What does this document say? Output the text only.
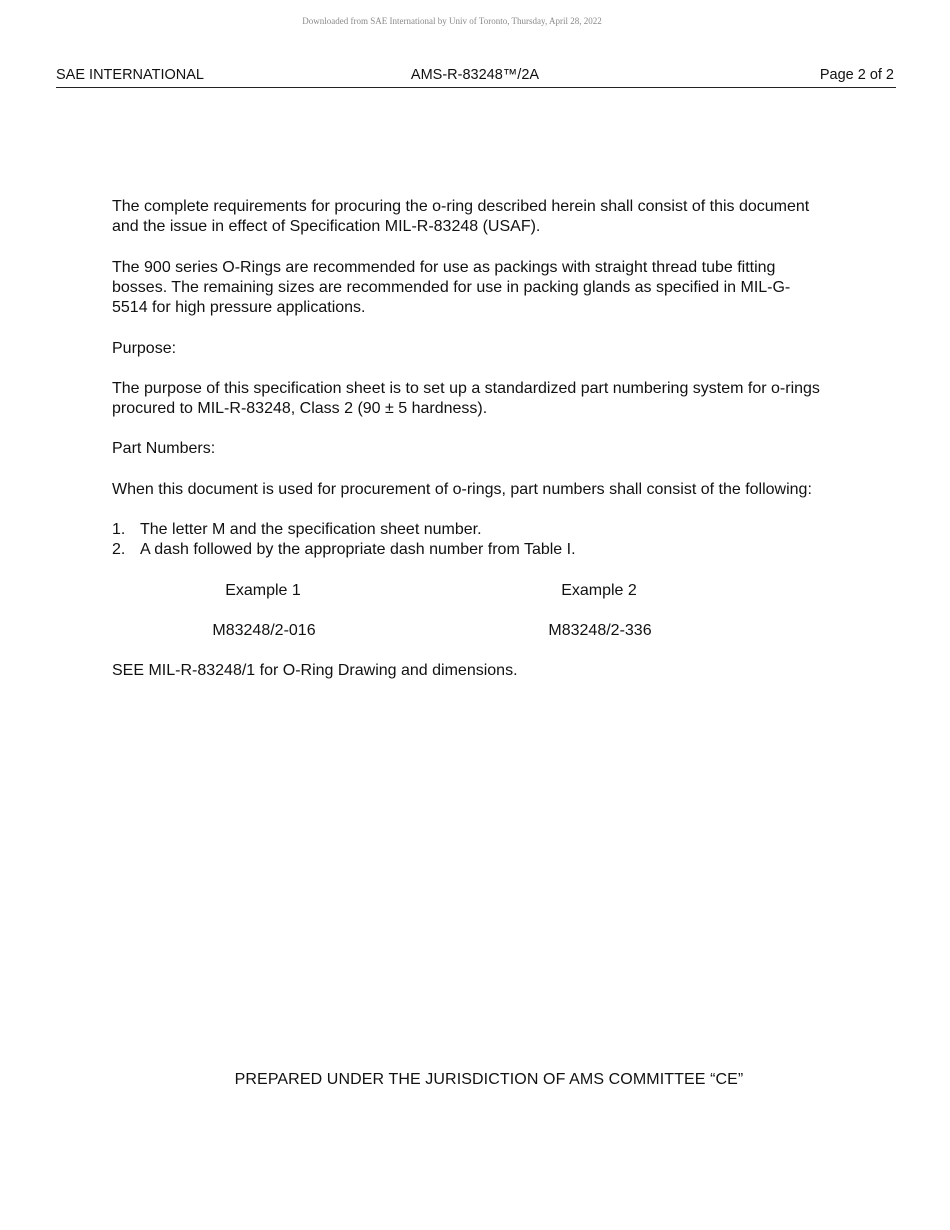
Downloaded from SAE International by Univ of Toronto, Thursday, April 28, 2022
SAE INTERNATIONAL	AMS-R-83248™/2A	Page 2 of 2
The complete requirements for procuring the o-ring described herein shall consist of this document
and the issue in effect of Specification MIL-R-83248 (USAF).
The 900 series O-Rings are recommended for use as packings with straight thread tube fitting
bosses. The remaining sizes are recommended for use in packing glands as specified in MIL-G-
5514 for high pressure applications.
Purpose:
The purpose of this specification sheet is to set up a standardized part numbering system for o-rings
procured to MIL-R-83248, Class 2 (90 ± 5 hardness).
Part Numbers:
When this document is used for procurement of o-rings, part numbers shall consist of the following:
1. The letter M and the specification sheet number.
2. A dash followed by the appropriate dash number from Table I.
Example 1	Example 2
M83248/2-016	M83248/2-336
SEE MIL-R-83248/1 for O-Ring Drawing and dimensions.
PREPARED UNDER THE JURISDICTION OF AMS COMMITTEE “CE”
